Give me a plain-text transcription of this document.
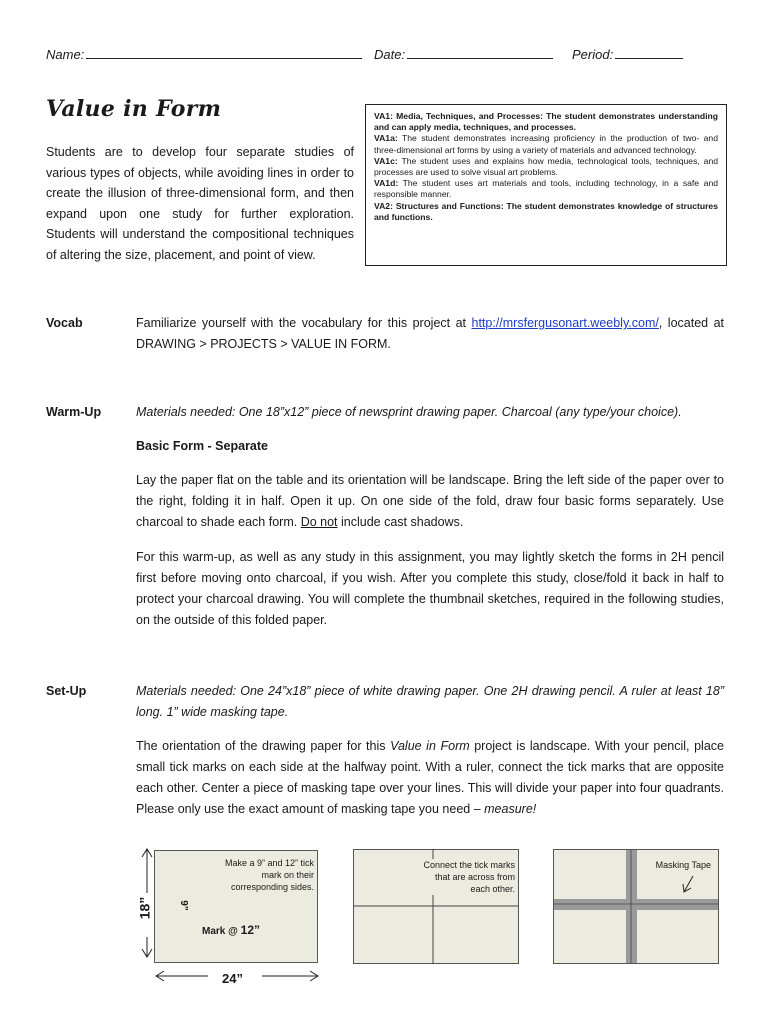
Name:	Date:	Period:
Value in Form
Students are to develop four separate studies of various types of objects, while avoiding lines in order to create the illusion of three-dimensional form, and then expand upon one study for further exploration. Students will understand the compositional techniques of altering the size, placement, and point of view.

VA1: Media, Techniques, and Processes: The student demonstrates understanding and can apply media, techniques, and processes.

VA1a: The student demonstrates increasing proficiency in the production of two- and three-dimensional art forms by using a variety of materials and advanced technology.

VA1c: The student uses and explains how media, technological tools, techniques, and processes are used to solve visual art problems.

VA1d: The student uses art materials and tools, including technology, in a safe and responsible manner.

VA2: Structures and Functions: The student demonstrates knowledge of structures and functions.

Vocab	Familiarize yourself with the vocabulary for this project at http://mrsfergusonart.weebly.com/, located at DRAWING > PROJECTS > VALUE IN FORM.

Warm-Up	Materials needed: One 18”x12” piece of newsprint drawing paper. Charcoal (any type/your choice).
Basic Form - Separate

Lay the paper flat on the table and its orientation will be landscape. Bring the left side of the paper over to the right, folding it in half. Open it up. On one side of the fold, draw four basic forms separately. Use charcoal to shade each form. Do not include cast shadows.

For this warm-up, as well as any study in this assignment, you may lightly sketch the forms in 2H pencil first before moving onto charcoal, if you wish. After you complete this study, close/fold it back in half to protect your charcoal drawing. You will complete the thumbnail sketches, required in the following studies, on the outside of this folded paper.
Set-Up	Materials needed: One 24”x18” piece of white drawing paper. One 2H drawing pencil. A ruler at least 18” long. 1” wide masking tape.

The orientation of the drawing paper for this Value in Form project is landscape. With your pencil, place small tick marks on each side at the halfway point. With a ruler, connect the tick marks that are opposite each other. Center a piece of masking tape over your lines. This will divide your paper into four quadrants. Please only use the exact amount of masking tape you need – measure!

Make a 9” and 12” tick mark on their corresponding sides.
Mark @ 12”
9”
18”
24”
Connect the tick marks that are across from each other.
Masking Tape
